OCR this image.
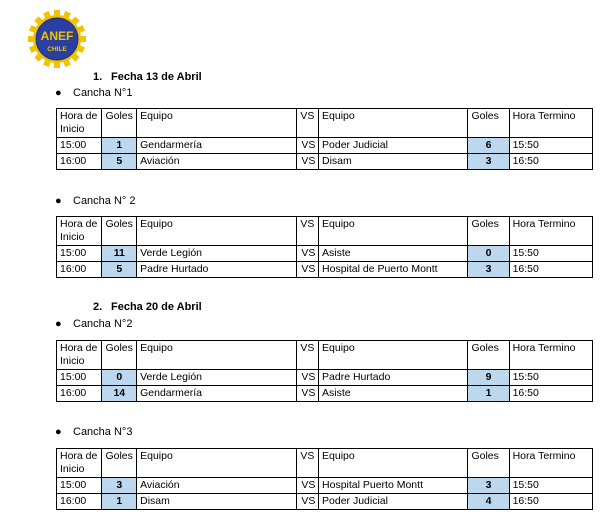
ANEF
CHILE
1. Fecha 13 de Abril
● Cancha N°1
Hora de Inicio	Goles	Equipo	VS	Equipo	Goles	Hora Termino
15:00	1	Gendarmería	VS	Poder Judicial	6	15:50
16:00	5	Aviación	VS	Disam	3	16:50
● Cancha N° 2
Hora de Inicio	Goles	Equipo	VS	Equipo	Goles	Hora Termino
15:00	11	Verde Legión	VS	Asiste	0	15:50
16:00	5	Padre Hurtado	VS	Hospital de Puerto Montt	3	16:50
2. Fecha 20 de Abril
● Cancha N°2
Hora de Inicio	Goles	Equipo	VS	Equipo	Goles	Hora Termino
15:00	0	Verde Legión	VS	Padre Hurtado	9	15:50
16:00	14	Gendarmería	VS	Asiste	1	16:50
● Cancha N°3
Hora de Inicio	Goles	Equipo	VS	Equipo	Goles	Hora Termino
15:00	3	Aviación	VS	Hospital Puerto Montt	3	15:50
16:00	1	Disam	VS	Poder Judicial	4	16:50
